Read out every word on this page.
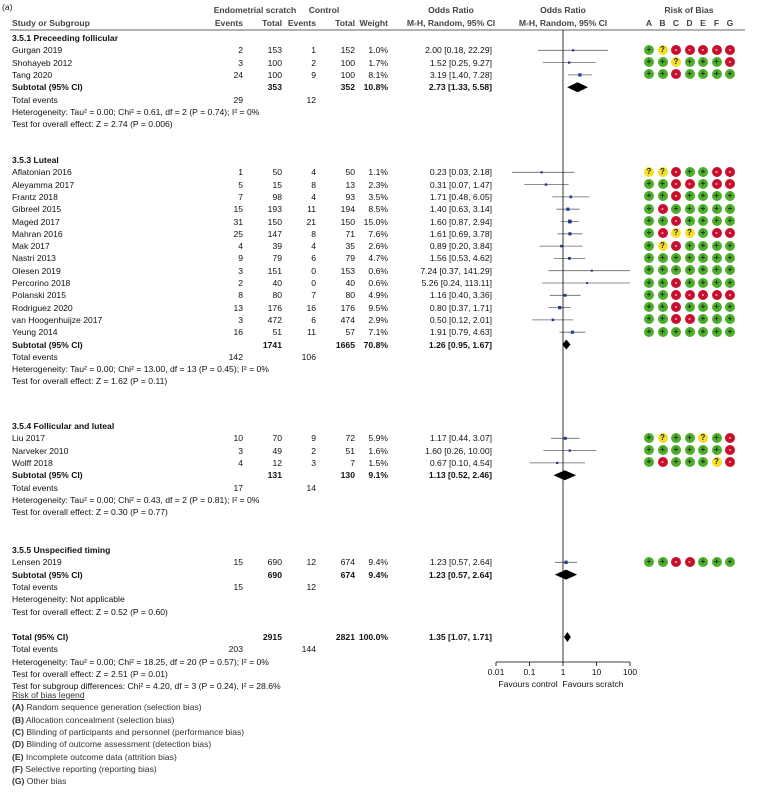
(a)	Endometrial scratch	Control	Odds Ratio	Odds Ratio	Risk of Bias
Study or Subgroup	Events Total Events Total Weight	M-H, Random, 95% CI	M-H, Random, 95% CI	A B C D E F G
3.5.1 Preceeding follicular
Gurgan 2019	2	153	1	152 1.0%	2.00 [0.18, 22.29]	+	?	-	-	-	-	-
Shohayeb 2012	3	100	2	100 1.7%	1.52 [0.25, 9.27]	+	+	?	+	+	+	-
Tang 2020	24	100	9	100 8.1%	3.19 [1.40, 7.28]	+	+	-	+	+	+	+
Subtotal (95% CI)	353	352 10.8%	2.73 [1.33, 5.58]
Total events	29	12
Heterogeneity: Tau² = 0.00; Chi² = 0.61, df = 2 (P = 0.74); I² = 0%
Test for overall effect: Z = 2.74 (P = 0.006)
3.5.3 Luteal
Aflatonian 2016	1	50	4	50 1.1%	0.23 [0.03, 2.18]	?	?	-	+	+	-	-
Aleyamma 2017	5	15	8	13 2.3%	0.31 [0.07, 1.47]	+	+	-	-	+	-	-
Frantz 2018	7	98	4	93 3.5%	1.71 [0.48, 6.05]	+	+	-	+	+	+	+
Gibreel 2015	15	193	11	194 8.5%	1.40 [0.63, 3.14]	+	-	+	+	+	+	+
Maged 2017	31	150	21	150 15.0%	1.60 [0.87, 2.94]	+	+	-	+	+	+	+
Mahran 2016	25	147	8	71 7.6%	1.61 [0.69, 3.78]	+	-	?	?	+	-	-
Mak 2017	4	39	4	35 2.6%	0.89 [0.20, 3.84]	+	?	-	+	+	+	+
Nastri 2013	9	79	6	79 4.7%	1.56 [0.53, 4.62]	+	+	+	+	+	+	+
Olesen 2019	3	151	0	153 0.6%	7.24 [0.37, 141.29]	+	+	+	+	+	+	+
Percorino 2018	2	40	0	40 0.6%	5.26 [0.24, 113.11]	+	+	-	+	+	+	+
Polanski 2015	8	80	7	80 4.9%	1.16 [0.40, 3.36]	+	+	-	-	-	-	-
Rodriguez 2020	13	176	16	176 9.5%	0.80 [0.37, 1.71]	+	+	-	+	+	+	+
van Hoogenhuijze 2017	3	472	6	474 2.9%	0.50 [0.12, 2.01]	+	+	-	-	+	+	+
Yeung 2014	16	51	11	57 7.1%	1.91 [0.79, 4.63]	+	+	+	+	+	+	+
Subtotal (95% CI)	1741	1665 70.8%	1.26 [0.95, 1.67]
Total events	142	106
Heterogeneity: Tau² = 0.00; Chi² = 13.00, df = 13 (P = 0.45); I² = 0%
Test for overall effect: Z = 1.62 (P = 0.11)
3.5.4 Follicular and luteal
Liu 2017	10	70	9	72 5.9%	1.17 [0.44, 3.07]	+	?	+	+	?	+	-
Narveker 2010	3	49	2	51 1.6%	1.60 [0.26, 10.00]	+	+	+	+	+	+	-
Wolff 2018	4	12	3	7 1.5%	0.67 [0.10, 4.54]	+	-	+	+	+	?	-
Subtotal (95% CI)	131	130 9.1%	1.13 [0.52, 2.46]
Total events	17	14
Heterogeneity: Tau² = 0.00; Chi² = 0.43, df = 2 (P = 0.81); I² = 0%
Test for overall effect: Z = 0.30 (P = 0.77)
3.5.5 Unspecified timing
Lensen 2019	15	690	12	674 9.4%	1.23 [0.57, 2.64]	+	+	-	-	+	+	+
Subtotal (95% CI)	690	674 9.4%	1.23 [0.57, 2.64]
Total events	15	12
Heterogeneity: Not applicable
Test for overall effect: Z = 0.52 (P = 0.60)
Total (95% CI)	2915	2821 100.0%	1.35 [1.07, 1.71]
Total events	203	144
Heterogeneity: Tau² = 0.00; Chi² = 18.25, df = 20 (P = 0.57); I² = 0%
Test for overall effect: Z = 2.51 (P = 0.01)
Test for subgroup differences: Chi² = 4.20, df = 3 (P = 0.24), I² = 28.6%
0.01	0.1	1	10	100
Favours control Favours scratch
Risk of bias legend
(A) Random sequence generation (selection bias)
(B) Allocation concealment (selection bias)
(C) Blinding of participants and personnel (performance bias)
(D) Blinding of outcome assessment (detection bias)
(E) Incomplete outcome data (attrition bias)
(F) Selective reporting (reporting bias)
(G) Other bias
